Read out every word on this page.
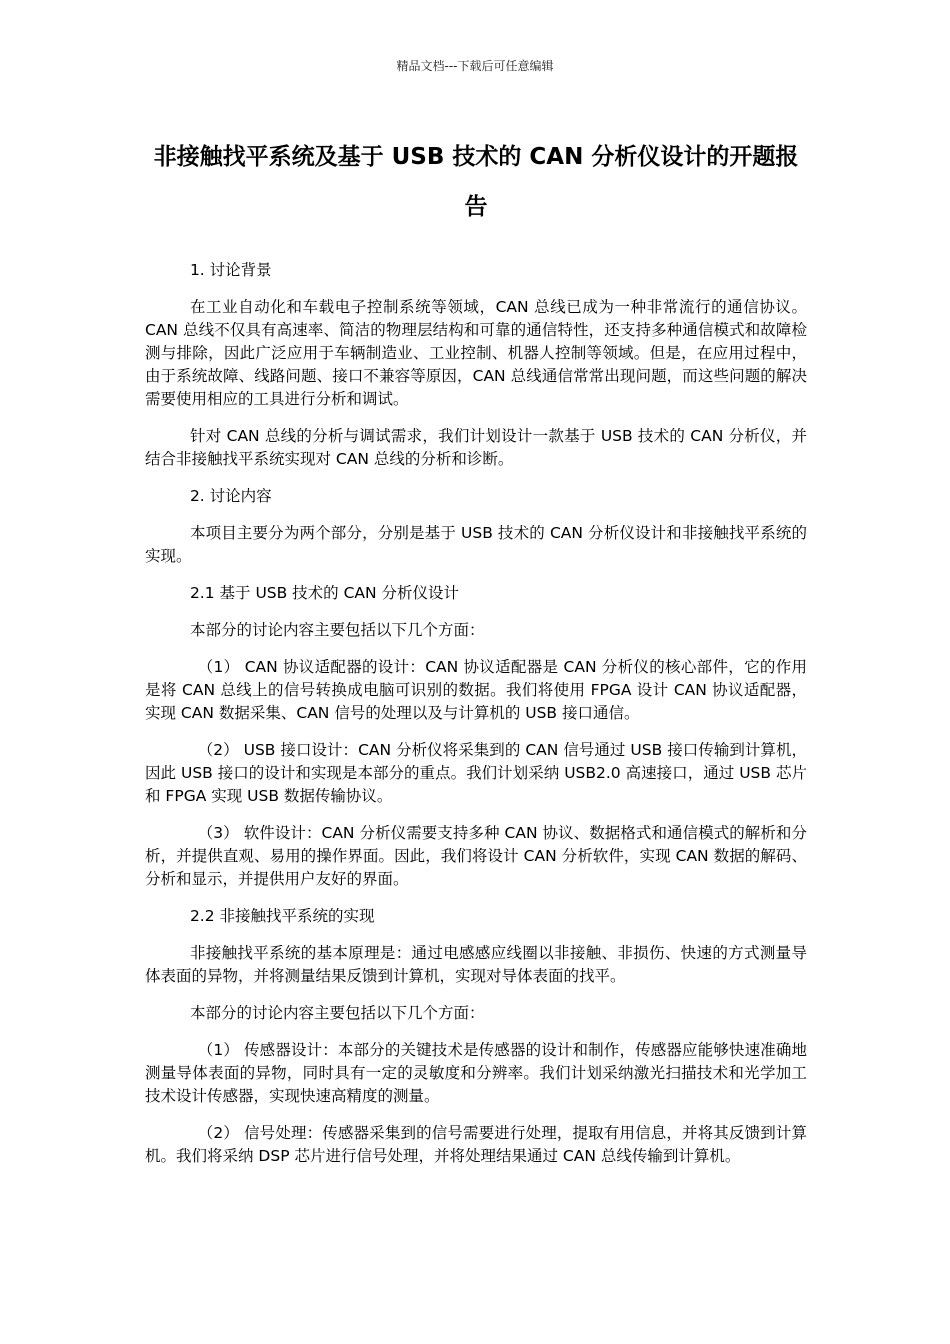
精品文档---下载后可任意编辑
非接触找平系统及基于 USB 技术的 CAN 分析仪设计的开题报告

1. 讨论背景

在工业自动化和车载电子控制系统等领域，CAN 总线已成为一种非常流行的通信协议。CAN 总线不仅具有高速率、简洁的物理层结构和可靠的通信特性，还支持多种通信模式和故障检测与排除，因此广泛应用于车辆制造业、工业控制、机器人控制等领域。但是，在应用过程中，由于系统故障、线路问题、接口不兼容等原因，CAN 总线通信常常出现问题，而这些问题的解决需要使用相应的工具进行分析和调试。

针对 CAN 总线的分析与调试需求，我们计划设计一款基于 USB 技术的 CAN 分析仪，并结合非接触找平系统实现对 CAN 总线的分析和诊断。

2. 讨论内容

本项目主要分为两个部分，分别是基于 USB 技术的 CAN 分析仪设计和非接触找平系统的实现。

2.1 基于 USB 技术的 CAN 分析仪设计

本部分的讨论内容主要包括以下几个方面：

（1） CAN 协议适配器的设计：CAN 协议适配器是 CAN 分析仪的核心部件，它的作用是将 CAN 总线上的信号转换成电脑可识别的数据。我们将使用 FPGA 设计 CAN 协议适配器，实现 CAN 数据采集、CAN 信号的处理以及与计算机的 USB 接口通信。

（2） USB 接口设计：CAN 分析仪将采集到的 CAN 信号通过 USB 接口传输到计算机，因此 USB 接口的设计和实现是本部分的重点。我们计划采纳 USB2.0 高速接口，通过 USB 芯片和 FPGA 实现 USB 数据传输协议。

（3） 软件设计：CAN 分析仪需要支持多种 CAN 协议、数据格式和通信模式的解析和分析，并提供直观、易用的操作界面。因此，我们将设计 CAN 分析软件，实现 CAN 数据的解码、分析和显示，并提供用户友好的界面。

2.2 非接触找平系统的实现

非接触找平系统的基本原理是：通过电感感应线圈以非接触、非损伤、快速的方式测量导体表面的异物，并将测量结果反馈到计算机，实现对导体表面的找平。

本部分的讨论内容主要包括以下几个方面：

（1） 传感器设计：本部分的关键技术是传感器的设计和制作，传感器应能够快速准确地测量导体表面的异物，同时具有一定的灵敏度和分辨率。我们计划采纳激光扫描技术和光学加工技术设计传感器，实现快速高精度的测量。

（2） 信号处理：传感器采集到的信号需要进行处理，提取有用信息，并将其反馈到计算机。我们将采纳 DSP 芯片进行信号处理，并将处理结果通过 CAN 总线传输到计算机。
